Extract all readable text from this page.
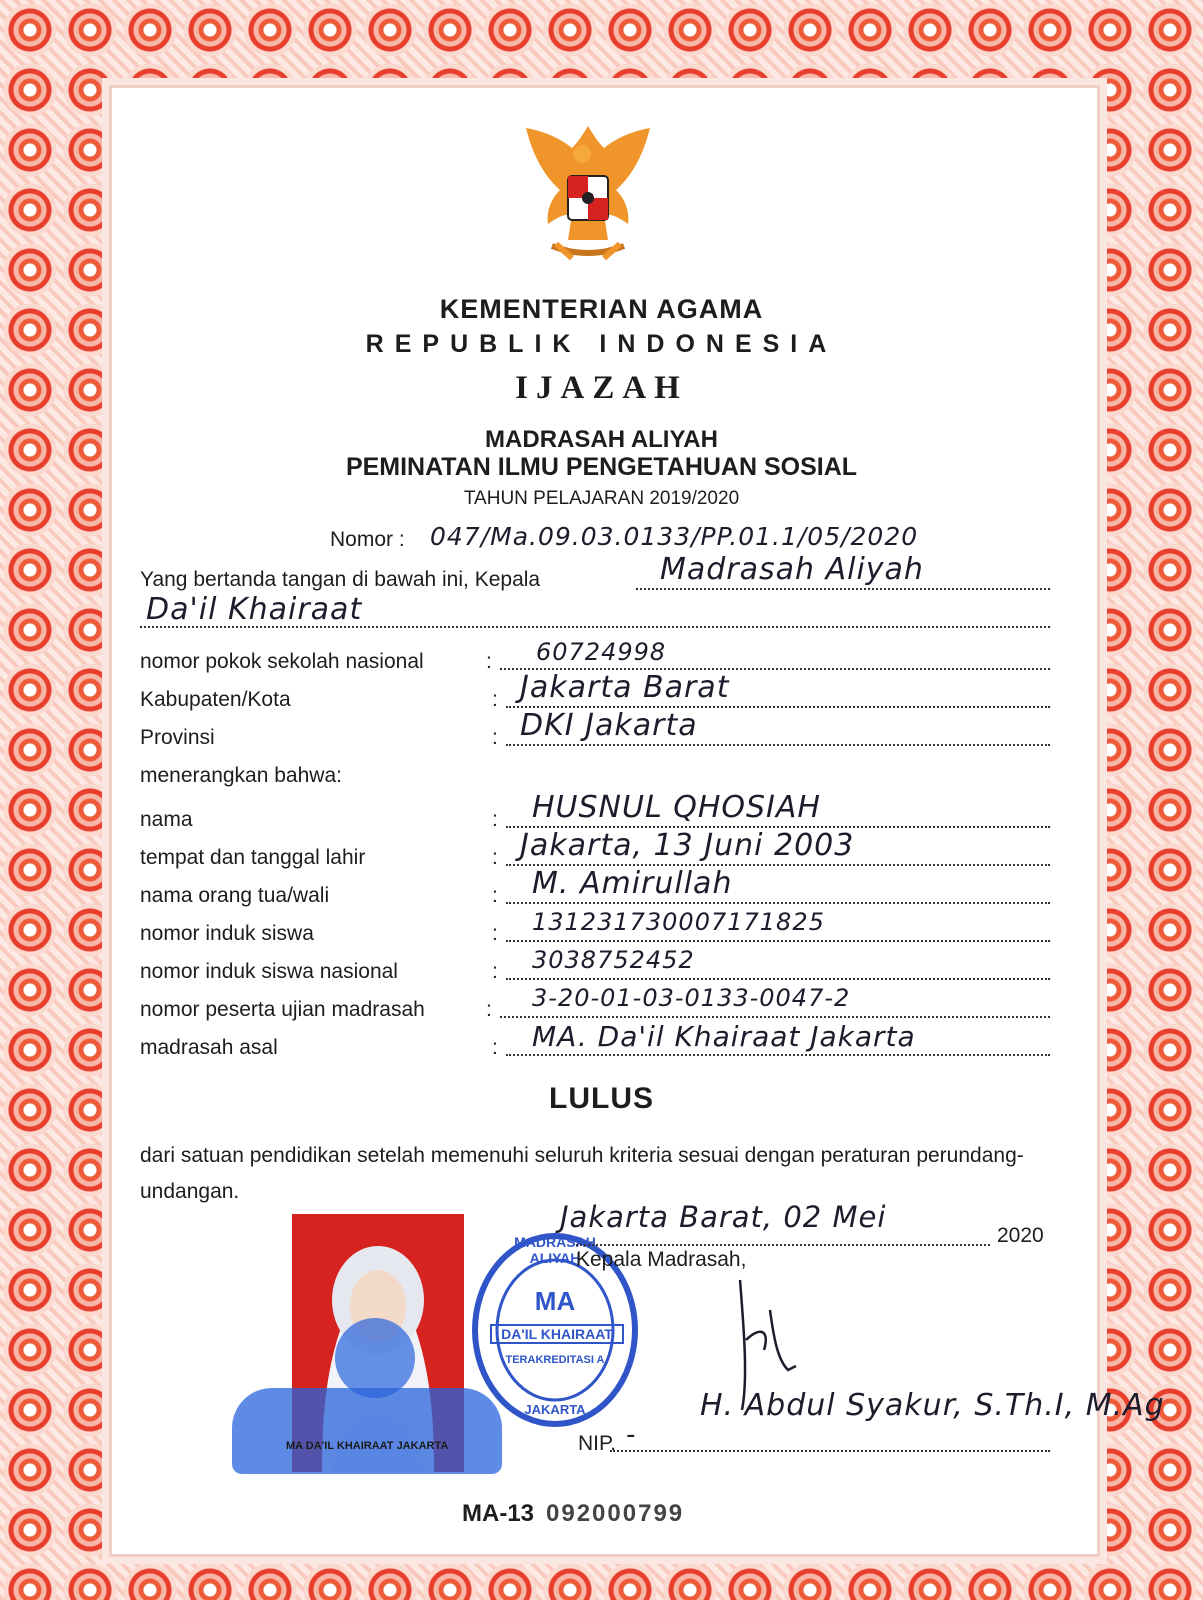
KEMENTERIAN AGAMA
REPUBLIK INDONESIA
IJAZAH
MADRASAH ALIYAH
PEMINATAN ILMU PENGETAHUAN SOSIAL
TAHUN PELAJARAN 2019/2020
Nomor : 047/Ma.09.03.0133/PP.01.1/05/2020
Yang bertanda tangan di bawah ini, Kepala	Madrasah Aliyah
Da'il Khairaat
nomor pokok sekolah nasional	: 60724998
Kabupaten/Kota	: Jakarta Barat
Provinsi	: DKI Jakarta
menerangkan bahwa:
nama	: HUSNUL QHOSIAH
tempat dan tanggal lahir	: Jakarta, 13 Juni 2003
nama orang tua/wali	: M. Amirullah
nomor induk siswa	: 131231730007171825
nomor induk siswa nasional	: 3038752452
nomor peserta ujian madrasah	: 3-20-01-03-0133-0047-2
madrasah asal	: MA. Da'il Khairaat Jakarta
LULUS
dari satuan pendidikan setelah memenuhi seluruh kriteria sesuai dengan peraturan perundang-undangan.
MA DA'IL KHAIRAAT JAKARTA
MADRASAH ALIYAH
MA
DA'IL KHAIRAAT
TERAKREDITASI A
JAKARTA
Jakarta Barat, 02 Mei
2020
Kepala Madrasah,
H. Abdul Syakur, S.Th.I, M.Ag
NIP. -
MA-13 092000799
